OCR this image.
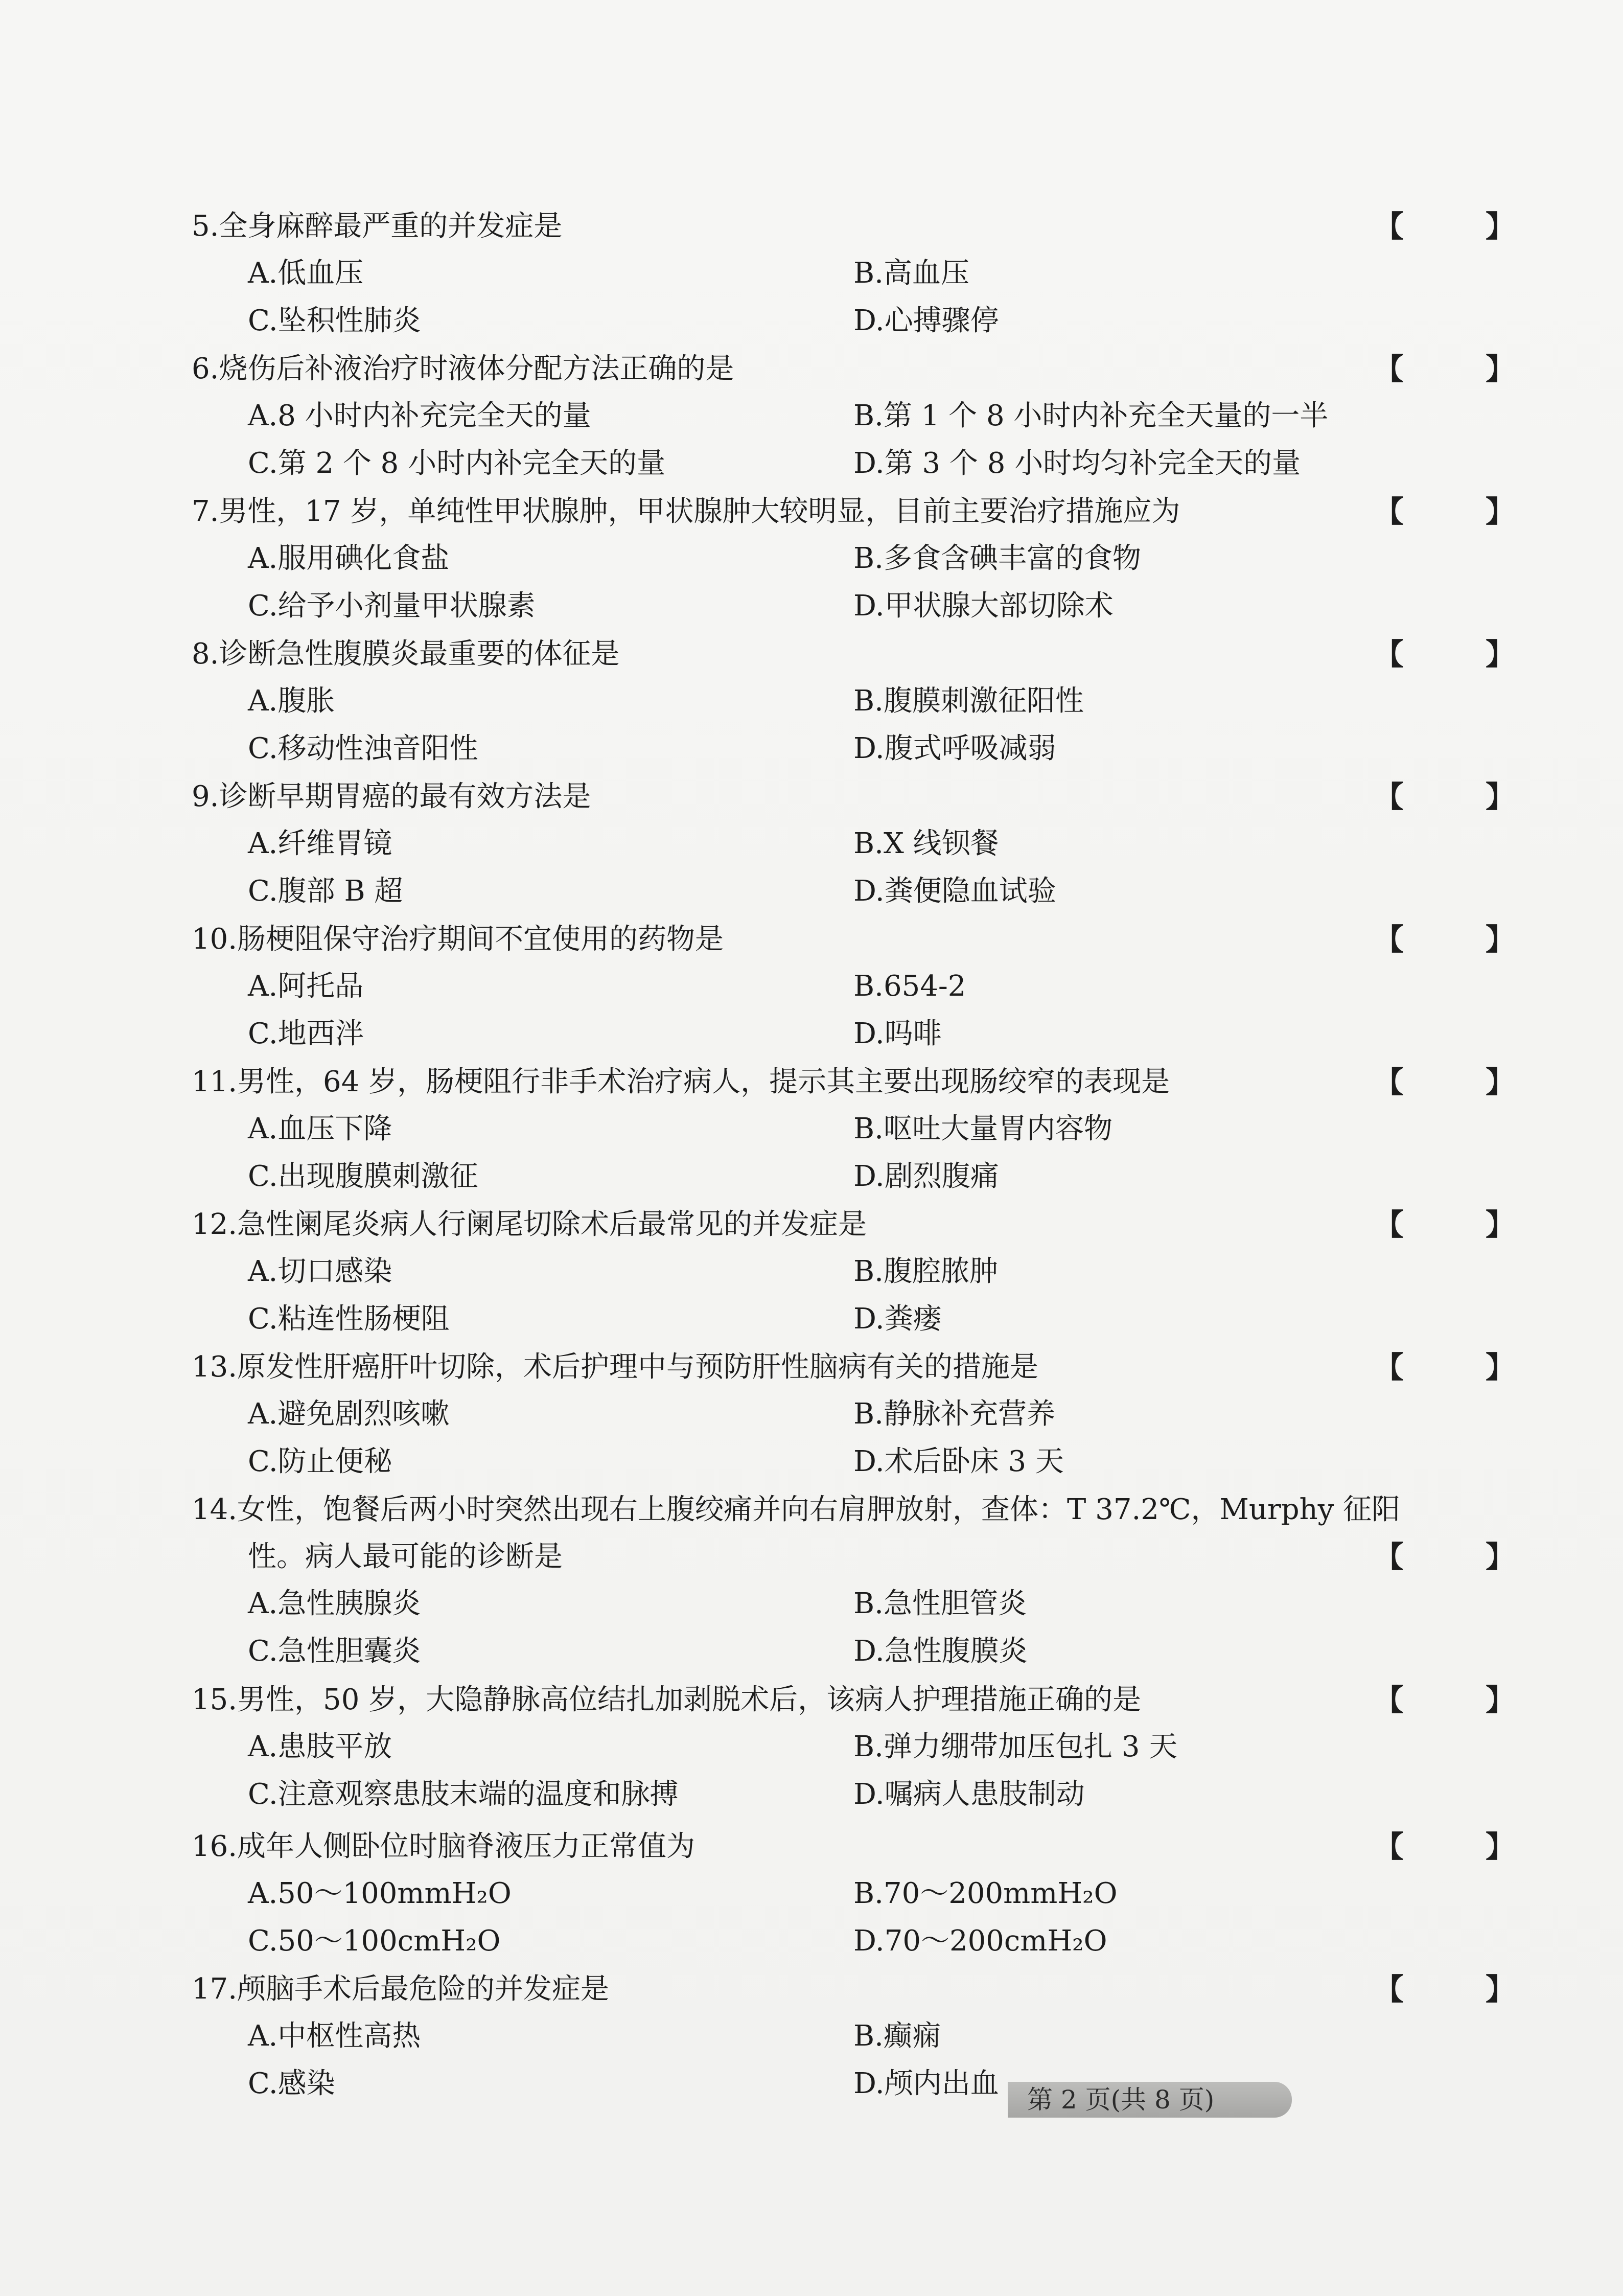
5.全身麻醉最严重的并发症是	【 】
A.低血压	B.高血压
C.坠积性肺炎	D.心搏骤停
6.烧伤后补液治疗时液体分配方法正确的是	【 】
A.8 小时内补充完全天的量	B.第 1 个 8 小时内补充全天量的一半
C.第 2 个 8 小时内补完全天的量	D.第 3 个 8 小时均匀补完全天的量
7.男性，17 岁，单纯性甲状腺肿，甲状腺肿大较明显，目前主要治疗措施应为	【 】
A.服用碘化食盐	B.多食含碘丰富的食物
C.给予小剂量甲状腺素	D.甲状腺大部切除术
8.诊断急性腹膜炎最重要的体征是	【 】
A.腹胀	B.腹膜刺激征阳性
C.移动性浊音阳性	D.腹式呼吸减弱
9.诊断早期胃癌的最有效方法是	【 】
A.纤维胃镜	B.X 线钡餐
C.腹部 B 超	D.粪便隐血试验
10.肠梗阻保守治疗期间不宜使用的药物是	【 】
A.阿托品	B.654-2
C.地西泮	D.吗啡
11.男性，64 岁，肠梗阻行非手术治疗病人，提示其主要出现肠绞窄的表现是	【 】
A.血压下降	B.呕吐大量胃内容物
C.出现腹膜刺激征	D.剧烈腹痛
12.急性阑尾炎病人行阑尾切除术后最常见的并发症是	【 】
A.切口感染	B.腹腔脓肿
C.粘连性肠梗阻	D.粪瘘
13.原发性肝癌肝叶切除，术后护理中与预防肝性脑病有关的措施是	【 】
A.避免剧烈咳嗽	B.静脉补充营养
C.防止便秘	D.术后卧床 3 天
14.女性，饱餐后两小时突然出现右上腹绞痛并向右肩胛放射，查体：T 37.2℃，Murphy 征阳
性。病人最可能的诊断是	【 】
A.急性胰腺炎	B.急性胆管炎
C.急性胆囊炎	D.急性腹膜炎
15.男性，50 岁，大隐静脉高位结扎加剥脱术后，该病人护理措施正确的是	【 】
A.患肢平放	B.弹力绷带加压包扎 3 天
C.注意观察患肢末端的温度和脉搏	D.嘱病人患肢制动
16.成年人侧卧位时脑脊液压力正常值为	【 】
A.50～100mmH₂O	B.70～200mmH₂O
C.50～100cmH₂O	D.70～200cmH₂O
17.颅脑手术后最危险的并发症是	【 】
A.中枢性高热	B.癫痫
C.感染	D.颅内出血	第 2 页(共 8 页)
